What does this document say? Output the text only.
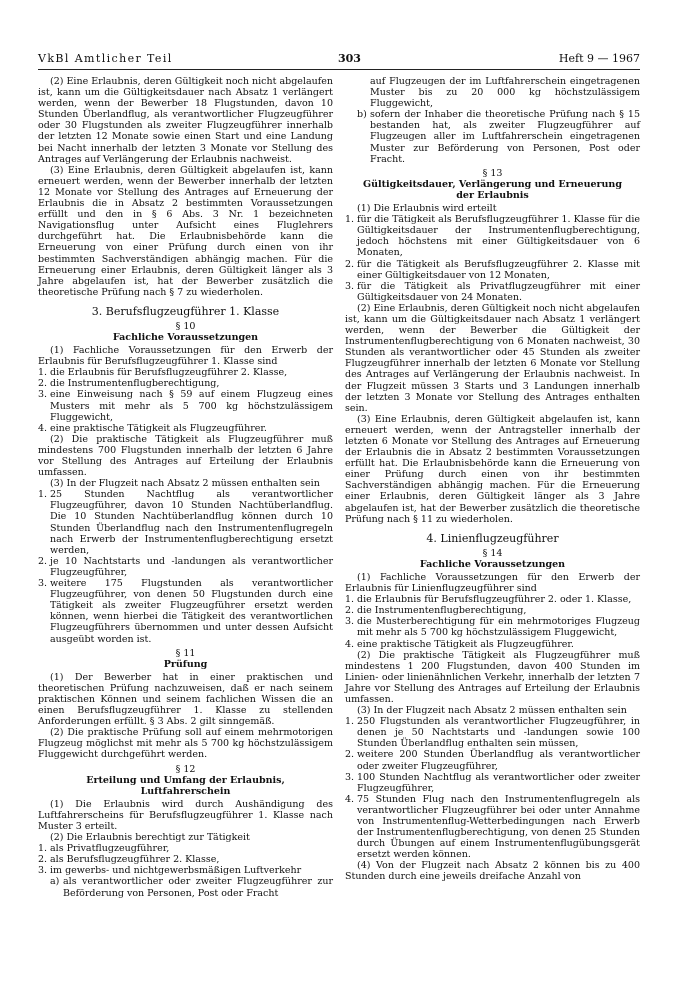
VkBl Amtlicher Teil	303	Heft 9 — 1967

(2) Eine Erlaubnis, deren Gültigkeit noch nicht abgelaufen ist, kann um die Gültigkeitsdauer nach Absatz 1 verlängert werden, wenn der Bewerber 18 Flugstunden, davon 10 Stunden Überlandflug, als verantwortlicher Flugzeugführer oder 30 Flugstunden als zweiter Flugzeugführer innerhalb der letzten 12 Monate sowie einen Start und eine Landung bei Nacht innerhalb der letzten 3 Monate vor Stellung des Antrages auf Verlängerung der Erlaubnis nachweist.

(3) Eine Erlaubnis, deren Gültigkeit abgelaufen ist, kann erneuert werden, wenn der Bewerber innerhalb der letzten 12 Monate vor Stellung des Antrages auf Erneuerung der Erlaubnis die in Absatz 2 bestimmten Voraussetzungen erfüllt und den in § 6 Abs. 3 Nr. 1 bezeichneten Navigationsflug unter Aufsicht eines Fluglehrers durchgeführt hat. Die Erlaubnisbehörde kann die Erneuerung von einer Prüfung durch einen von ihr bestimmten Sachverständigen abhängig machen. Für die Erneuerung einer Erlaubnis, deren Gültigkeit länger als 3 Jahre abgelaufen ist, hat der Bewerber zusätzlich die theoretische Prüfung nach § 7 zu wiederholen.

3. Berufsflugzeugführer 1. Klasse

§ 10

Fachliche Voraussetzungen

(1) Fachliche Voraussetzungen für den Erwerb der Erlaubnis für Berufsflugzeugführer 1. Klasse sind

1. die Erlaubnis für Berufsflugzeugführer 2. Klasse,
2. die Instrumentenflugberechtigung,
3. eine Einweisung nach § 59 auf einem Flugzeug eines Musters mit mehr als 5 700 kg höchstzulässigem Fluggewicht,
4. eine praktische Tätigkeit als Flugzeugführer.

(2) Die praktische Tätigkeit als Flugzeugführer muß mindestens 700 Flugstunden innerhalb der letzten 6 Jahre vor Stellung des Antrages auf Erteilung der Erlaubnis umfassen.

(3) In der Flugzeit nach Absatz 2 müssen enthalten sein

1. 25 Stunden Nachtflug als verantwortlicher Flugzeugführer, davon 10 Stunden Nachtüberlandflug. Die 10 Stunden Nachtüberlandflug können durch 10 Stunden Überlandflug nach den Instrumentenflugregeln nach Erwerb der Instrumentenflugberechtigung ersetzt werden,
2. je 10 Nachtstarts und -landungen als verantwortlicher Flugzeugführer,
3. weitere 175 Flugstunden als verantwortlicher Flugzeugführer, von denen 50 Flugstunden durch eine Tätigkeit als zweiter Flugzeugführer ersetzt werden können, wenn hierbei die Tätigkeit des verantwortlichen Flugzeugführers übernommen und unter dessen Aufsicht ausgeübt worden ist.

§ 11

Prüfung

(1) Der Bewerber hat in einer praktischen und theoretischen Prüfung nachzuweisen, daß er nach seinem praktischen Können und seinem fachlichen Wissen die an einen Berufsflugzeugführer 1. Klasse zu stellenden Anforderungen erfüllt. § 3 Abs. 2 gilt sinngemäß.

(2) Die praktische Prüfung soll auf einem mehrmotorigen Flugzeug möglichst mit mehr als 5 700 kg höchstzulässigem Fluggewicht durchgeführt werden.

§ 12

Erteilung und Umfang der Erlaubnis,

Luftfahrerschein

(1) Die Erlaubnis wird durch Aushändigung des Luftfahrerscheins für Berufsflugzeugführer 1. Klasse nach Muster 3 erteilt.

(2) Die Erlaubnis berechtigt zur Tätigkeit

1. als Privatflugzeugführer,
2. als Berufsflugzeugführer 2. Klasse,
3. im gewerbs- und nichtgewerbsmäßigen Luftverkehr
a) als verantwortlicher oder zweiter Flugzeugführer zur Beförderung von Personen, Post oder Fracht
auf Flugzeugen der im Luftfahrerschein eingetragenen Muster bis zu 20 000 kg höchstzulässigem Fluggewicht,
b) sofern der Inhaber die theoretische Prüfung nach § 15 bestanden hat, als zweiter Flugzeugführer auf Flugzeugen aller im Luftfahrerschein eingetragenen Muster zur Beförderung von Personen, Post oder Fracht.

§ 13

Gültigkeitsdauer, Verlängerung und Erneuerung

der Erlaubnis

(1) Die Erlaubnis wird erteilt

1. für die Tätigkeit als Berufsflugzeugführer 1. Klasse für die Gültigkeitsdauer der Instrumentenflugberechtigung, jedoch höchstens mit einer Gültigkeitsdauer von 6 Monaten,
2. für die Tätigkeit als Berufsflugzeugführer 2. Klasse mit einer Gültigkeitsdauer von 12 Monaten,
3. für die Tätigkeit als Privatflugzeugführer mit einer Gültigkeitsdauer von 24 Monaten.

(2) Eine Erlaubnis, deren Gültigkeit noch nicht abgelaufen ist, kann um die Gültigkeitsdauer nach Absatz 1 verlängert werden, wenn der Bewerber die Gültigkeit der Instrumentenflugberechtigung von 6 Monaten nachweist, 30 Stunden als verantwortlicher oder 45 Stunden als zweiter Flugzeugführer innerhalb der letzten 6 Monate vor Stellung des Antrages auf Verlängerung der Erlaubnis nachweist. In der Flugzeit müssen 3 Starts und 3 Landungen innerhalb der letzten 3 Monate vor Stellung des Antrages enthalten sein.

(3) Eine Erlaubnis, deren Gültigkeit abgelaufen ist, kann erneuert werden, wenn der Antragsteller innerhalb der letzten 6 Monate vor Stellung des Antrages auf Erneuerung der Erlaubnis die in Absatz 2 bestimmten Voraussetzungen erfüllt hat. Die Erlaubnisbehörde kann die Erneuerung von einer Prüfung durch einen von ihr bestimmten Sachverständigen abhängig machen. Für die Erneuerung einer Erlaubnis, deren Gültigkeit länger als 3 Jahre abgelaufen ist, hat der Bewerber zusätzlich die theoretische Prüfung nach § 11 zu wiederholen.

4. Linienflugzeugführer

§ 14

Fachliche Voraussetzungen

(1) Fachliche Voraussetzungen für den Erwerb der Erlaubnis für Linienflugzeugführer sind

1. die Erlaubnis für Berufsflugzeugführer 2. oder 1. Klasse,
2. die Instrumentenflugberechtigung,
3. die Musterberechtigung für ein mehrmotoriges Flugzeug mit mehr als 5 700 kg höchstzulässigem Fluggewicht,
4. eine praktische Tätigkeit als Flugzeugführer.

(2) Die praktische Tätigkeit als Flugzeugführer muß mindestens 1 200 Flugstunden, davon 400 Stunden im Linien- oder linienähnlichen Verkehr, innerhalb der letzten 7 Jahre vor Stellung des Antrages auf Erteilung der Erlaubnis umfassen.

(3) In der Flugzeit nach Absatz 2 müssen enthalten sein

1. 250 Flugstunden als verantwortlicher Flugzeugführer, in denen je 50 Nachtstarts und -landungen sowie 100 Stunden Überlandflug enthalten sein müssen,
2. weitere 200 Stunden Überlandflug als verantwortlicher oder zweiter Flugzeugführer,
3. 100 Stunden Nachtflug als verantwortlicher oder zweiter Flugzeugführer,
4. 75 Stunden Flug nach den Instrumentenflugregeln als verantwortlicher Flugzeugführer bei oder unter Annahme von Instrumentenflug-Wetterbedingungen nach Erwerb der Instrumentenflugberechtigung, von denen 25 Stunden durch Übungen auf einem Instrumentenflugübungsgerät ersetzt werden können.

(4) Von der Flugzeit nach Absatz 2 können bis zu 400 Stunden durch eine jeweils dreifache Anzahl von
